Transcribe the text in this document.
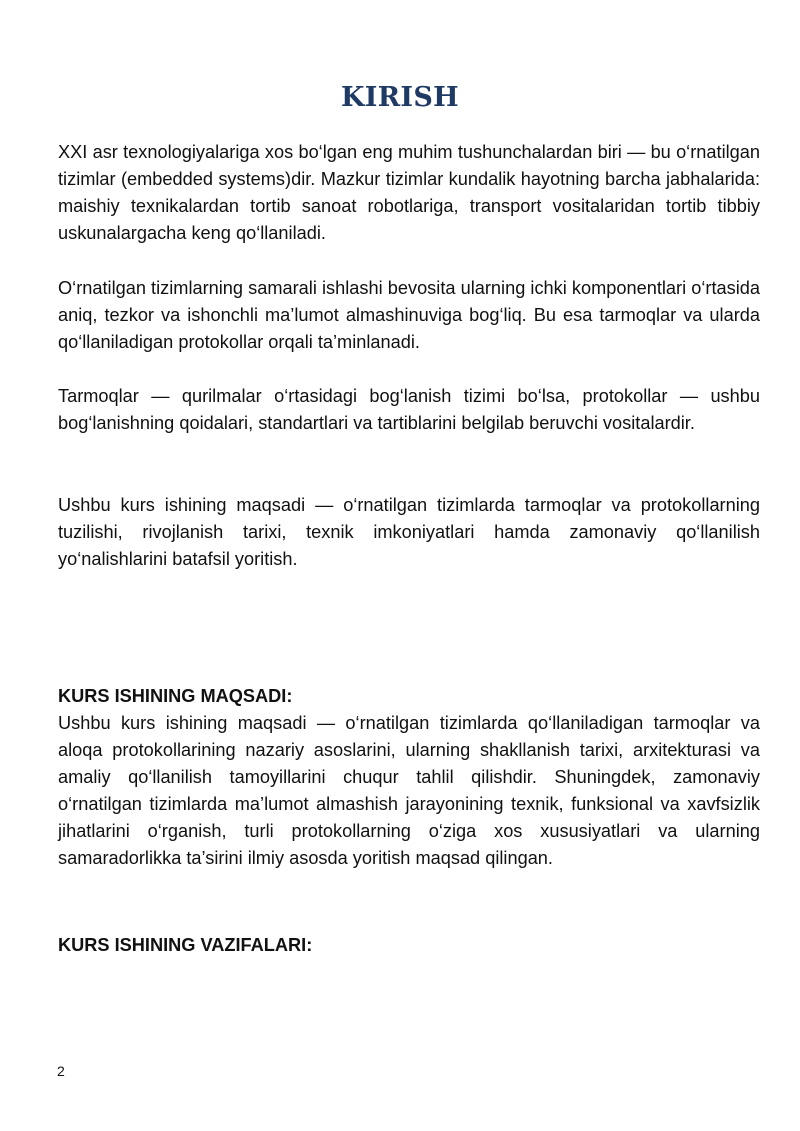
KIRISH

XXI asr texnologiyalariga xos bo‘lgan eng muhim tushunchalardan biri — bu o‘rnatilgan tizimlar (embedded systems)dir. Mazkur tizimlar kundalik hayotning barcha jabhalarida: maishiy texnikalardan tortib sanoat robotlariga, transport vositalaridan tortib tibbiy uskunalargacha keng qo‘llaniladi.

O‘rnatilgan tizimlarning samarali ishlashi bevosita ularning ichki komponentlari o‘rtasida aniq, tezkor va ishonchli ma’lumot almashinuviga bog‘liq. Bu esa tarmoqlar va ularda qo‘llaniladigan protokollar orqali ta’minlanadi.

Tarmoqlar — qurilmalar o‘rtasidagi bog‘lanish tizimi bo‘lsa, protokollar — ushbu bog‘lanishning qoidalari, standartlari va tartiblarini belgilab beruvchi vositalardir.

Ushbu kurs ishining maqsadi — o‘rnatilgan tizimlarda tarmoqlar va protokollarning tuzilishi, rivojlanish tarixi, texnik imkoniyatlari hamda zamonaviy qo‘llanilish yo‘nalishlarini batafsil yoritish.

KURS ISHINING MAQSADI:

Ushbu kurs ishining maqsadi — o‘rnatilgan tizimlarda qo‘llaniladigan tarmoqlar va aloqa protokollarining nazariy asoslarini, ularning shakllanish tarixi, arxitekturasi va amaliy qo‘llanilish tamoyillarini chuqur tahlil qilishdir. Shuningdek, zamonaviy o‘rnatilgan tizimlarda ma’lumot almashish jarayonining texnik, funksional va xavfsizlik jihatlarini o‘rganish, turli protokollarning o‘ziga xos xususiyatlari va ularning samaradorlikka ta’sirini ilmiy asosda yoritish maqsad qilingan.

KURS ISHINING VAZIFALARI:
2
